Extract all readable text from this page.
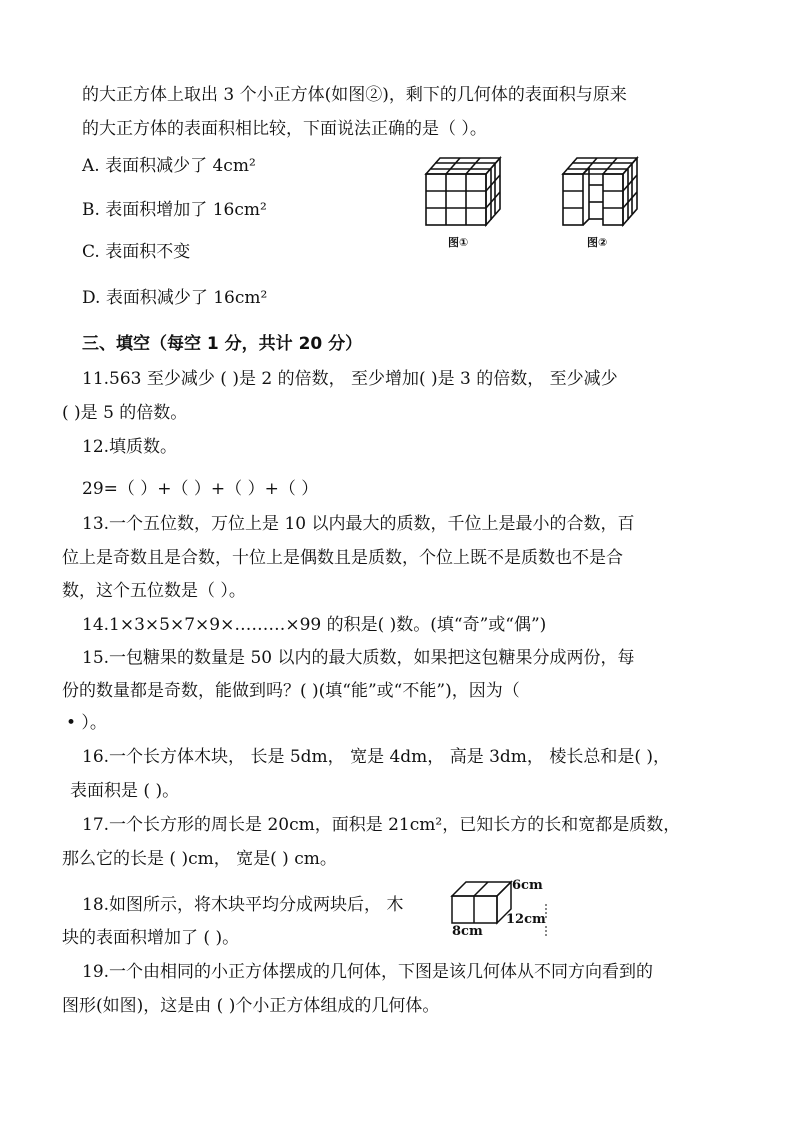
的大正方体上取出 3 个小正方体(如图②)，剩下的几何体的表面积与原来
的大正方体的表面积相比较，下面说法正确的是（ ）。
A. 表面积减少了 4cm²
B. 表面积增加了 16cm²
C. 表面积不变
D. 表面积减少了 16cm²
三、填空（每空 1 分，共计 20 分）
11.563 至少减少 ( )是 2 的倍数， 至少增加( )是 3 的倍数， 至少减少
( )是 5 的倍数。
12.填质数。
29=（ ）+（ ）+（ ）+（ ）
13.一个五位数，万位上是 10 以内最大的质数，千位上是最小的合数，百
位上是奇数且是合数，十位上是偶数且是质数，个位上既不是质数也不是合
数，这个五位数是（ ）。
14.1×3×5×7×9×………×99 的积是( )数。(填“奇”或“偶”)
15.一包糖果的数量是 50 以内的最大质数，如果把这包糖果分成两份，每
份的数量都是奇数，能做到吗？( )(填“能”或“不能”)，因为（
• ）。
16.一个长方体木块， 长是 5dm， 宽是 4dm， 高是 3dm， 棱长总和是( )，
表面积是 ( )。
17.一个长方形的周长是 20cm，面积是 21cm²，已知长方的长和宽都是质数，
那么它的长是 ( )cm， 宽是( ) cm。
18.如图所示，将木块平均分成两块后， 木
块的表面积增加了 ( )。
19.一个由相同的小正方体摆成的几何体，下图是该几何体从不同方向看到的
图形(如图)，这是由 ( )个小正方体组成的几何体。
图①	图②
6cm
12cm
8cm
